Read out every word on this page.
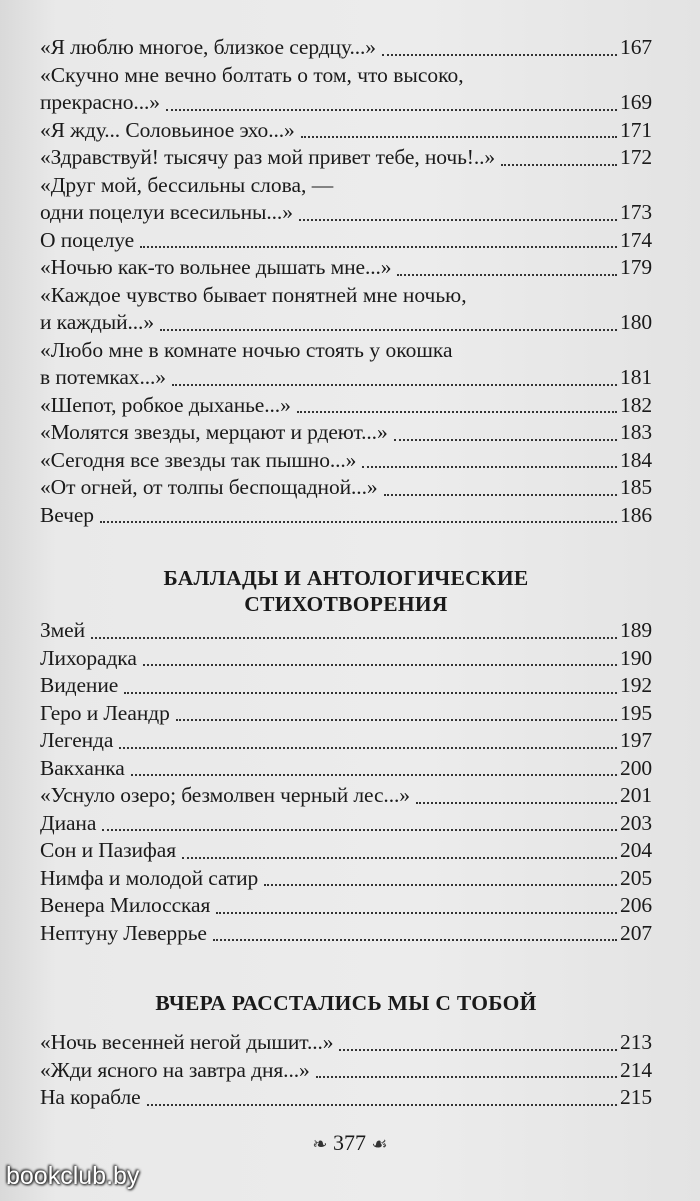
«Я люблю многое, близкое сердцу...»	167
«Скучно мне вечно болтать о том, что высоко,
прекрасно...»	169
«Я жду... Соловьиное эхо...»	171
«Здравствуй! тысячу раз мой привет тебе, ночь!..»	172
«Друг мой, бессильны слова, —
одни поцелуи всесильны...»	173
О поцелуе	174
«Ночью как-то вольнее дышать мне...»	179
«Каждое чувство бывает понятней мне ночью,
и каждый...»	180
«Любо мне в комнате ночью стоять у окошка
в потемках...»	181
«Шепот, робкое дыханье...»	182
«Молятся звезды, мерцают и рдеют...»	183
«Сегодня все звезды так пышно...»	184
«От огней, от толпы беспощадной...»	185
Вечер	186
БАЛЛАДЫ И АНТОЛОГИЧЕСКИЕ
СТИХОТВОРЕНИЯ
Змей	189
Лихорадка	190
Видение	192
Геро и Леандр	195
Легенда	197
Вакханка	200
«Уснуло озеро; безмолвен черный лес...»	201
Диана	203
Сон и Пазифая	204
Нимфа и молодой сатир	205
Венера Милосская	206
Нептуну Леверрье	207
ВЧЕРА РАССТАЛИСЬ МЫ С ТОБОЙ
«Ночь весенней негой дышит...»	213
«Жди ясного на завтра дня...»	214
На корабле	215
❧ 377 ☙
bookclub.by
